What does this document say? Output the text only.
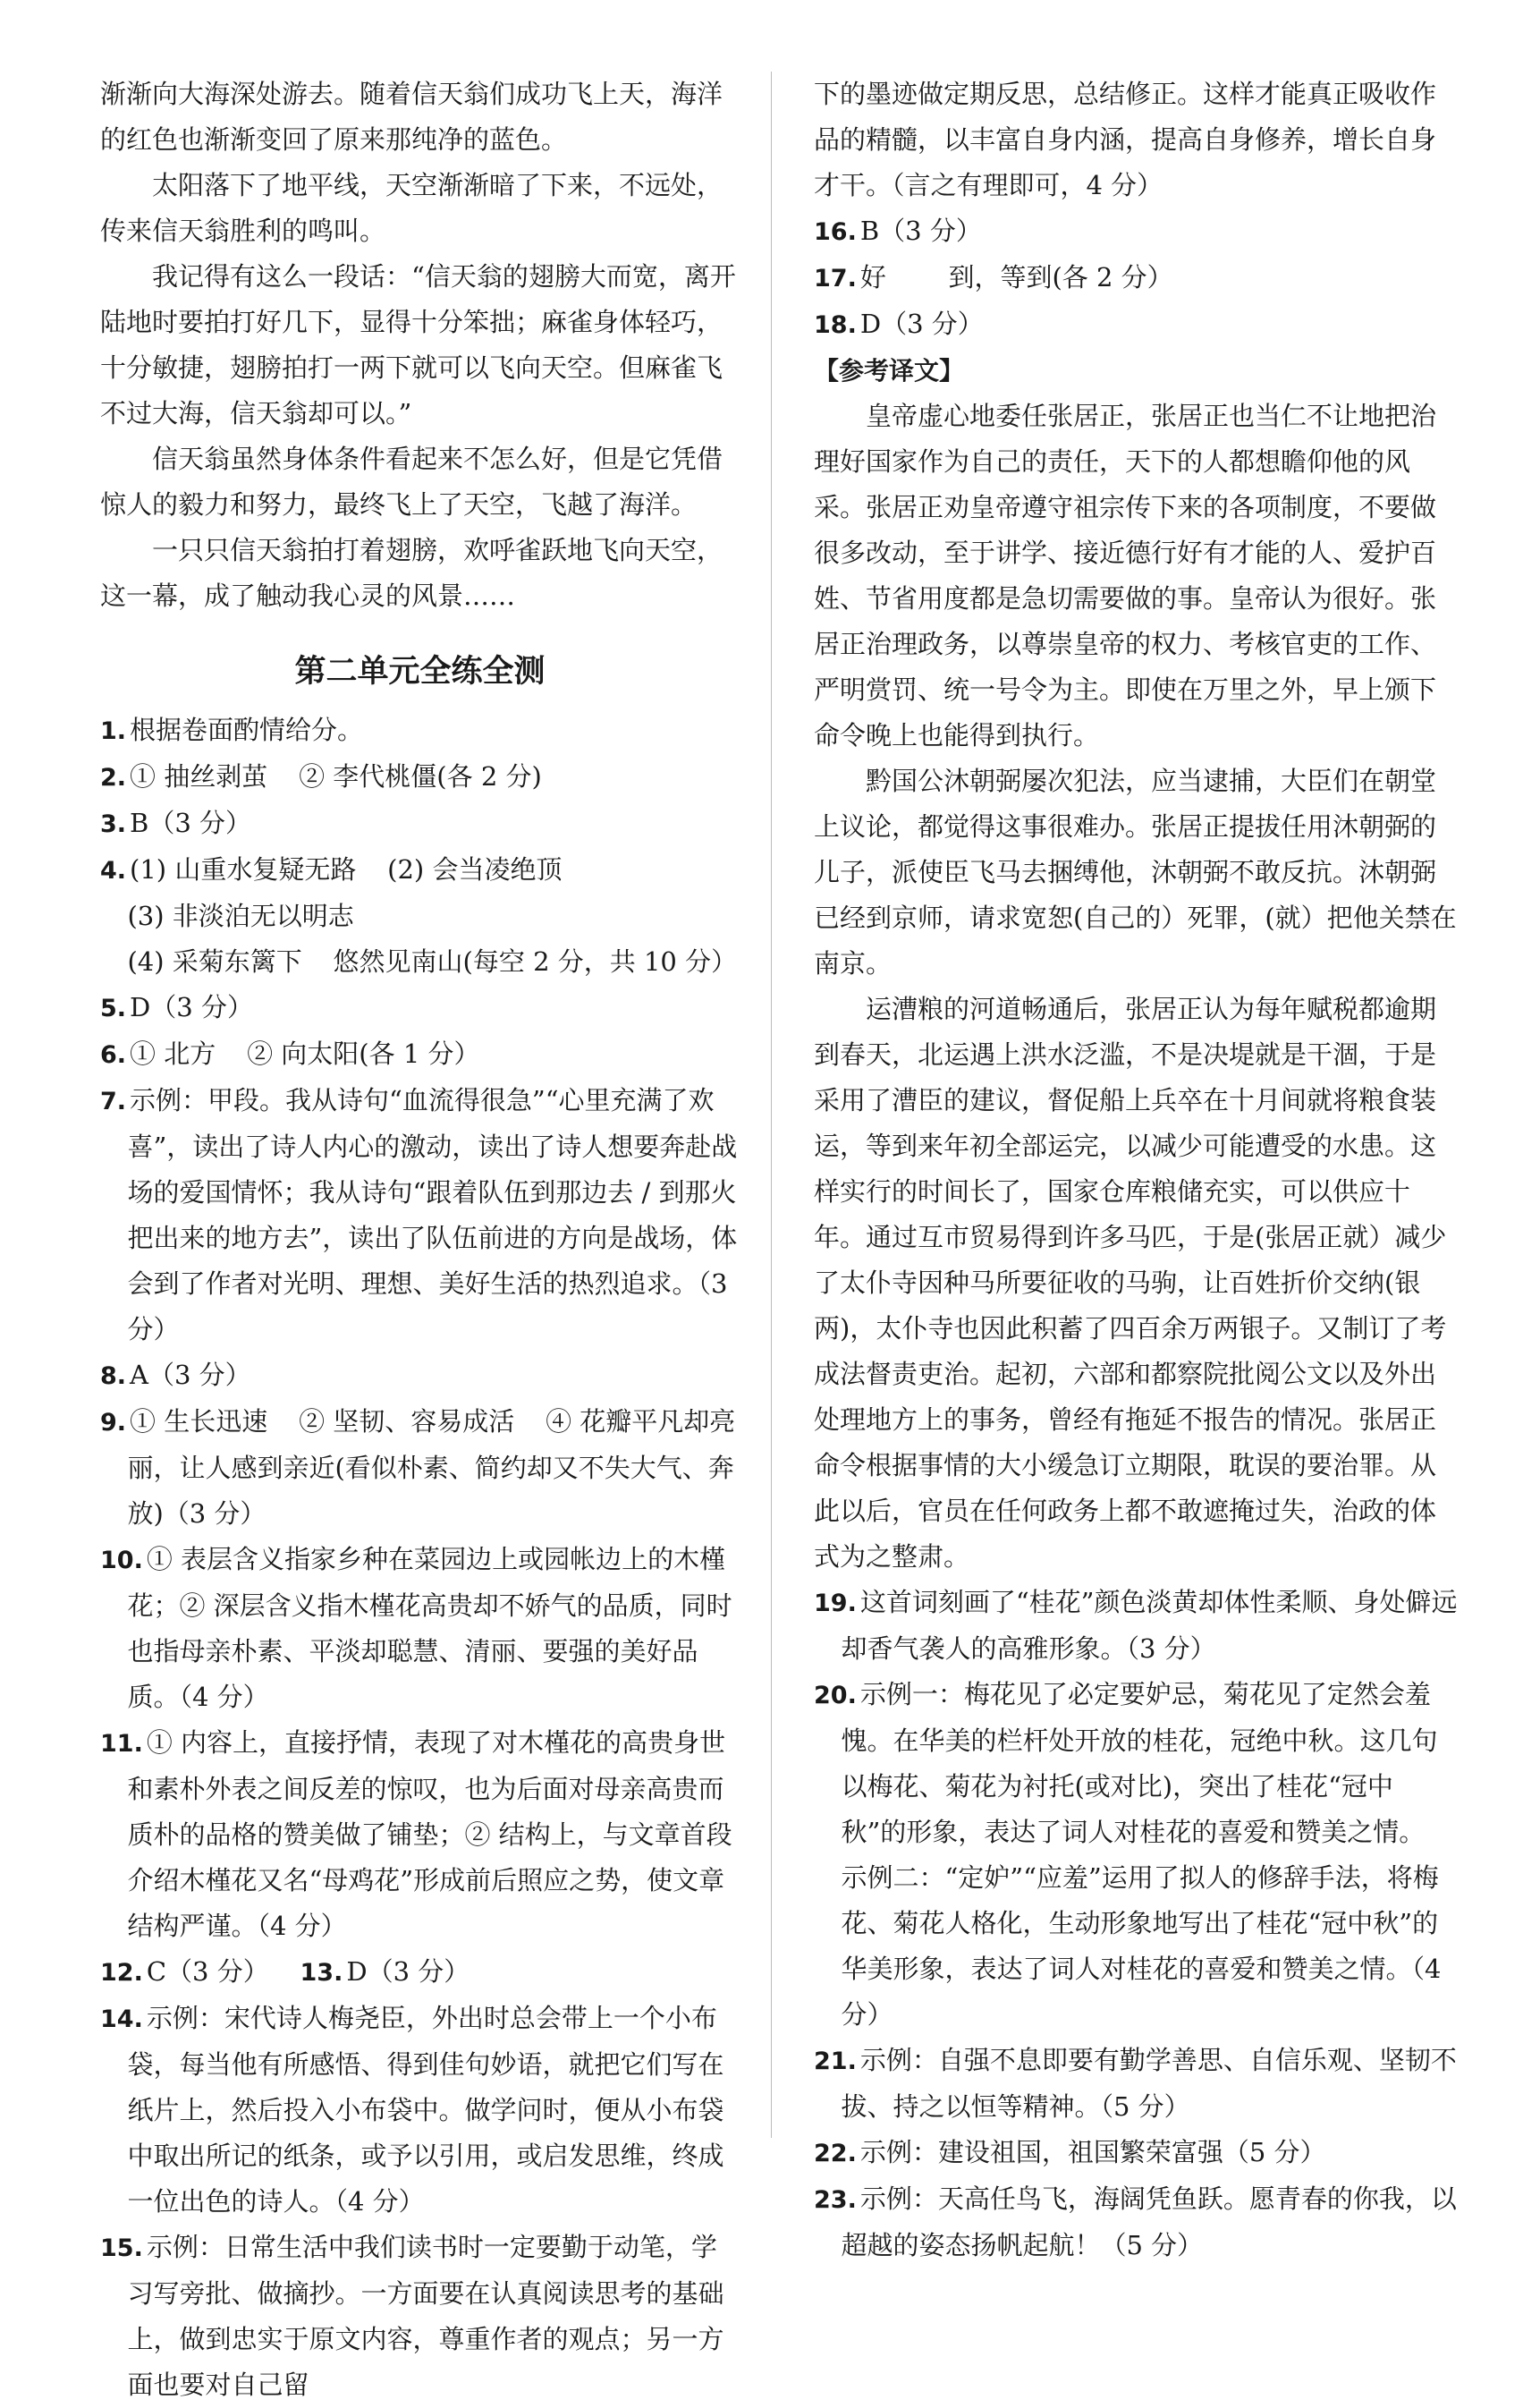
渐渐向大海深处游去。随着信天翁们成功飞上天，海洋的红色也渐渐变回了原来那纯净的蓝色。

太阳落下了地平线，天空渐渐暗了下来，不远处，传来信天翁胜利的鸣叫。

我记得有这么一段话：“信天翁的翅膀大而宽，离开陆地时要拍打好几下，显得十分笨拙；麻雀身体轻巧，十分敏捷，翅膀拍打一两下就可以飞向天空。但麻雀飞不过大海，信天翁却可以。”

信天翁虽然身体条件看起来不怎么好，但是它凭借惊人的毅力和努力，最终飞上了天空，飞越了海洋。

一只只信天翁拍打着翅膀，欢呼雀跃地飞向天空，这一幕，成了触动我心灵的风景……

第二单元全练全测

1. 根据卷面酌情给分。

2. ① 抽丝剥茧 ② 李代桃僵(各 2 分)

3. B（3 分）

4. (1) 山重水复疑无路 (2) 会当凌绝顶

(3) 非淡泊无以明志

(4) 采菊东篱下 悠然见南山(每空 2 分，共 10 分）

5. D（3 分）

6. ① 北方 ② 向太阳(各 1 分）

7. 示例：甲段。我从诗句“血流得很急”“心里充满了欢喜”，读出了诗人内心的激动，读出了诗人想要奔赴战场的爱国情怀；我从诗句“跟着队伍到那边去 / 到那火把出来的地方去”，读出了队伍前进的方向是战场，体会到了作者对光明、理想、美好生活的热烈追求。（3 分）

8. A（3 分）

9. ① 生长迅速 ② 坚韧、容易成活 ④ 花瓣平凡却亮丽，让人感到亲近(看似朴素、简约却又不失大气、奔放)（3 分）

10. ① 表层含义指家乡种在菜园边上或园帐边上的木槿花；② 深层含义指木槿花高贵却不娇气的品质，同时也指母亲朴素、平淡却聪慧、清丽、要强的美好品质。（4 分）

11. ① 内容上，直接抒情，表现了对木槿花的高贵身世和素朴外表之间反差的惊叹，也为后面对母亲高贵而质朴的品格的赞美做了铺垫；② 结构上，与文章首段介绍木槿花又名“母鸡花”形成前后照应之势，使文章结构严谨。（4 分）

12. C（3 分） 13. D（3 分）

14. 示例：宋代诗人梅尧臣，外出时总会带上一个小布袋，每当他有所感悟、得到佳句妙语，就把它们写在纸片上，然后投入小布袋中。做学问时，便从小布袋中取出所记的纸条，或予以引用，或启发思维，终成一位出色的诗人。（4 分）

15. 示例：日常生活中我们读书时一定要勤于动笔，学习写旁批、做摘抄。一方面要在认真阅读思考的基础上，做到忠实于原文内容，尊重作者的观点；另一方面也要对自己留

下的墨迹做定期反思，总结修正。这样才能真正吸收作品的精髓，以丰富自身内涵，提高自身修养，增长自身才干。（言之有理即可，4 分）

16. B（3 分）

17. 好 到，等到(各 2 分）

18. D（3 分）

【参考译文】

皇帝虚心地委任张居正，张居正也当仁不让地把治理好国家作为自己的责任，天下的人都想瞻仰他的风采。张居正劝皇帝遵守祖宗传下来的各项制度，不要做很多改动，至于讲学、接近德行好有才能的人、爱护百姓、节省用度都是急切需要做的事。皇帝认为很好。张居正治理政务，以尊崇皇帝的权力、考核官吏的工作、严明赏罚、统一号令为主。即使在万里之外，早上颁下命令晚上也能得到执行。

黔国公沐朝弼屡次犯法，应当逮捕，大臣们在朝堂上议论，都觉得这事很难办。张居正提拔任用沐朝弼的儿子，派使臣飞马去捆缚他，沐朝弼不敢反抗。沐朝弼已经到京师，请求宽恕(自己的）死罪，(就）把他关禁在南京。

运漕粮的河道畅通后，张居正认为每年赋税都逾期到春天，北运遇上洪水泛滥，不是决堤就是干涸，于是采用了漕臣的建议，督促船上兵卒在十月间就将粮食装运，等到来年初全部运完，以减少可能遭受的水患。这样实行的时间长了，国家仓库粮储充实，可以供应十年。通过互市贸易得到许多马匹，于是(张居正就）减少了太仆寺因种马所要征收的马驹，让百姓折价交纳(银两)，太仆寺也因此积蓄了四百余万两银子。又制订了考成法督责吏治。起初，六部和都察院批阅公文以及外出处理地方上的事务，曾经有拖延不报告的情况。张居正命令根据事情的大小缓急订立期限，耽误的要治罪。从此以后，官员在任何政务上都不敢遮掩过失，治政的体式为之整肃。

19. 这首词刻画了“桂花”颜色淡黄却体性柔顺、身处僻远却香气袭人的高雅形象。（3 分）

20. 示例一：梅花见了必定要妒忌，菊花见了定然会羞愧。在华美的栏杆处开放的桂花，冠绝中秋。这几句以梅花、菊花为衬托(或对比)，突出了桂花“冠中秋”的形象，表达了词人对桂花的喜爱和赞美之情。

示例二：“定妒”“应羞”运用了拟人的修辞手法，将梅花、菊花人格化，生动形象地写出了桂花“冠中秋”的华美形象，表达了词人对桂花的喜爱和赞美之情。（4 分）

21. 示例：自强不息即要有勤学善思、自信乐观、坚韧不拔、持之以恒等精神。（5 分）

22. 示例：建设祖国，祖国繁荣富强（5 分）

23. 示例：天高任鸟飞，海阔凭鱼跃。愿青春的你我，以超越的姿态扬帆起航！（5 分）
